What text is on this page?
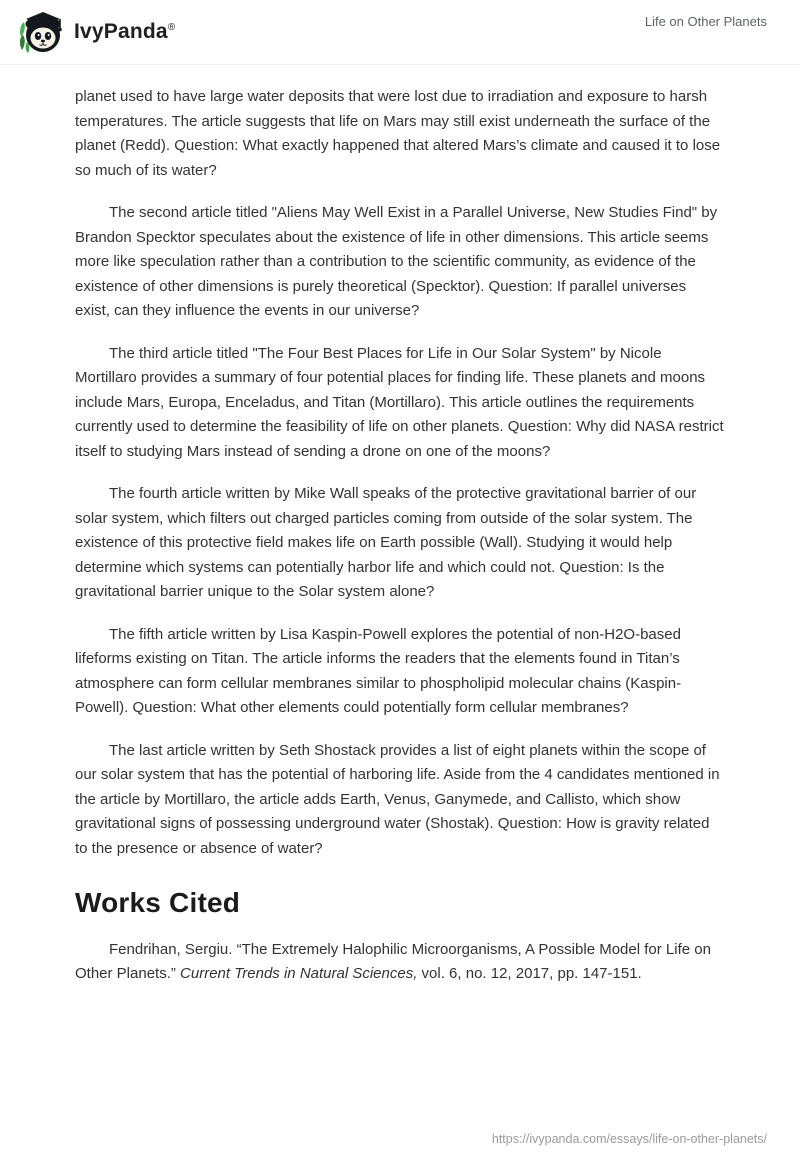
IvyPanda®	Life on Other Planets

planet used to have large water deposits that were lost due to irradiation and exposure to harsh temperatures. The article suggests that life on Mars may still exist underneath the surface of the planet (Redd). Question: What exactly happened that altered Mars’s climate and caused it to lose so much of its water?

The second article titled "Aliens May Well Exist in a Parallel Universe, New Studies Find" by Brandon Specktor speculates about the existence of life in other dimensions. This article seems more like speculation rather than a contribution to the scientific community, as evidence of the existence of other dimensions is purely theoretical (Specktor). Question: If parallel universes exist, can they influence the events in our universe?

The third article titled "The Four Best Places for Life in Our Solar System" by Nicole Mortillaro provides a summary of four potential places for finding life. These planets and moons include Mars, Europa, Enceladus, and Titan (Mortillaro). This article outlines the requirements currently used to determine the feasibility of life on other planets. Question: Why did NASA restrict itself to studying Mars instead of sending a drone on one of the moons?

The fourth article written by Mike Wall speaks of the protective gravitational barrier of our solar system, which filters out charged particles coming from outside of the solar system. The existence of this protective field makes life on Earth possible (Wall). Studying it would help determine which systems can potentially harbor life and which could not. Question: Is the gravitational barrier unique to the Solar system alone?

The fifth article written by Lisa Kaspin-Powell explores the potential of non-H2O-based lifeforms existing on Titan. The article informs the readers that the elements found in Titan’s atmosphere can form cellular membranes similar to phospholipid molecular chains (Kaspin-Powell). Question: What other elements could potentially form cellular membranes?

The last article written by Seth Shostack provides a list of eight planets within the scope of our solar system that has the potential of harboring life. Aside from the 4 candidates mentioned in the article by Mortillaro, the article adds Earth, Venus, Ganymede, and Callisto, which show gravitational signs of possessing underground water (Shostak). Question: How is gravity related to the presence or absence of water?

Works Cited

Fendrihan, Sergiu. “The Extremely Halophilic Microorganisms, A Possible Model for Life on Other Planets.” Current Trends in Natural Sciences, vol. 6, no. 12, 2017, pp. 147-151.

https://ivypanda.com/essays/life-on-other-planets/
